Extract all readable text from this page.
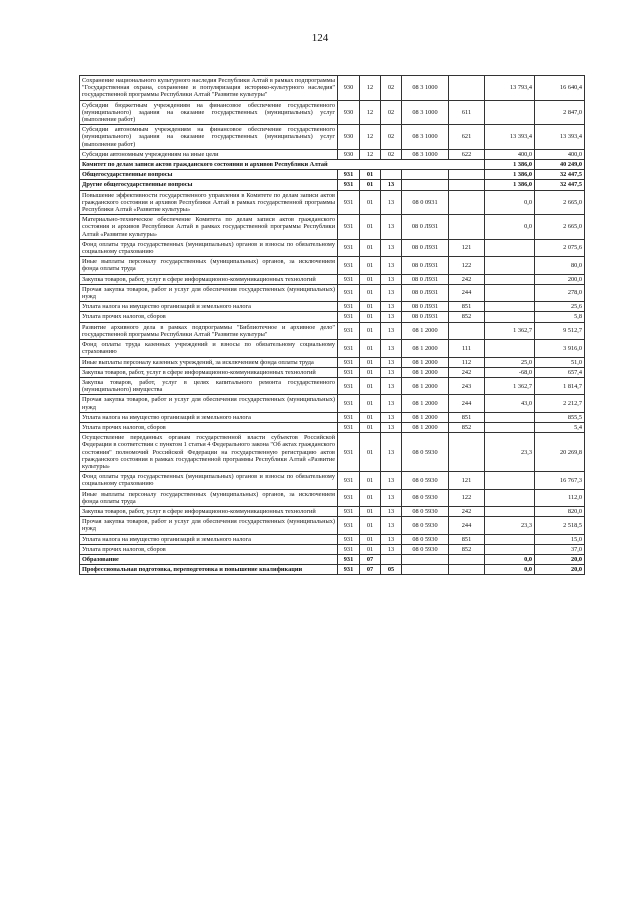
124
Сохранение национального культурного наследия Республики Алтай в рамках подпрограммы "Государственная охрана, сохранение и популяризация историко-культурного наследия" государственной программы Республики Алтай "Развитие культуры"	930	12	02	08 3 1000		13 793,4	16 640,4
Субсидии бюджетным учреждениям на финансовое обеспечение государственного (муниципального) задания на оказание государственных (муниципальных) услуг (выполнение работ)	930	12	02	08 3 1000	611		2 847,0
Субсидии автономным учреждениям на финансовое обеспечение государственного (муниципального) задания на оказание государственных (муниципальных) услуг (выполнение работ)	930	12	02	08 3 1000	621	13 393,4	13 393,4
Субсидии автономным учреждениям на иные цели	930	12	02	08 3 1000	622	400,0	400,0
Комитет по делам записи актов гражданского состояния и архивов Республики Алтай						1 386,0	40 249,0
Общегосударственные вопросы	931	01				1 386,0	32 447,5
Другие общегосударственные вопросы	931	01	13			1 386,0	32 447,5
Повышение эффективности государственного управления в Комитете по делам записи актов гражданского состояния и архивов Республики Алтай в рамках государственной программы Республики Алтай «Развитие культуры»	931	01	13	08 0 0931		0,0	2 665,0
Материально-техническое обеспечение Комитета по делам записи актов гражданского состояния и архивов Республики Алтай в рамках государственной программы Республики Алтай «Развитие культуры»	931	01	13	08 0 Л931		0,0	2 665,0
Фонд оплаты труда государственных (муниципальных) органов и взносы по обязательному социальному страхованию	931	01	13	08 0 Л931	121		2 075,6
Иные выплаты персоналу государственных (муниципальных) органов, за исключением фонда оплаты труда	931	01	13	08 0 Л931	122		80,0
Закупка товаров, работ, услуг в сфере информационно-коммуникационных технологий	931	01	13	08 0 Л931	242		200,0
Прочая закупка товаров, работ и услуг для обеспечения государственных (муниципальных) нужд	931	01	13	08 0 Л931	244		278,0
Уплата налога на имущество организаций и земельного налога	931	01	13	08 0 Л931	851		25,6
Уплата прочих налогов, сборов	931	01	13	08 0 Л931	852		5,8
Развитие архивного дела в рамках подпрограммы "Библиотечное и архивное дело" государственной программы Республики Алтай "Развитие культуры"	931	01	13	08 1 2000		1 362,7	9 512,7
Фонд оплаты труда казенных учреждений и взносы по обязательному социальному страхованию	931	01	13	08 1 2000	111		3 916,0
Иные выплаты персоналу казенных учреждений, за исключением фонда оплаты труда	931	01	13	08 1 2000	112	25,0	51,0
Закупка товаров, работ, услуг в сфере информационно-коммуникационных технологий	931	01	13	08 1 2000	242	-68,0	657,4
Закупка товаров, работ, услуг в целях капитального ремонта государственного (муниципального) имущества	931	01	13	08 1 2000	243	1 362,7	1 814,7
Прочая закупка товаров, работ и услуг для обеспечения государственных (муниципальных) нужд	931	01	13	08 1 2000	244	43,0	2 212,7
Уплата налога на имущество организаций и земельного налога	931	01	13	08 1 2000	851		855,5
Уплата прочих налогов, сборов	931	01	13	08 1 2000	852		5,4
Осуществление переданных органам государственной власти субъектов Российской Федерации в соответствии с пунктом 1 статьи 4 Федерального закона "Об актах гражданского состояния" полномочий Российской Федерации на государственную регистрацию актов гражданского состояния в рамках государственной программы Республики Алтай «Развитие культуры»	931	01	13	08 0 5930		23,3	20 269,8
Фонд оплаты труда государственных (муниципальных) органов и взносы по обязательному социальному страхованию	931	01	13	08 0 5930	121		16 767,3
Иные выплаты персоналу государственных (муниципальных) органов, за исключением фонда оплаты труда	931	01	13	08 0 5930	122		112,0
Закупка товаров, работ, услуг в сфере информационно-коммуникационных технологий	931	01	13	08 0 5930	242		820,0
Прочая закупка товаров, работ и услуг для обеспечения государственных (муниципальных) нужд	931	01	13	08 0 5930	244	23,3	2 518,5
Уплата налога на имущество организаций и земельного налога	931	01	13	08 0 5930	851		15,0
Уплата прочих налогов, сборов	931	01	13	08 0 5930	852		37,0
Образование	931	07				0,0	20,0
Профессиональная подготовка, переподготовка и повышение квалификации	931	07	05			0,0	20,0
